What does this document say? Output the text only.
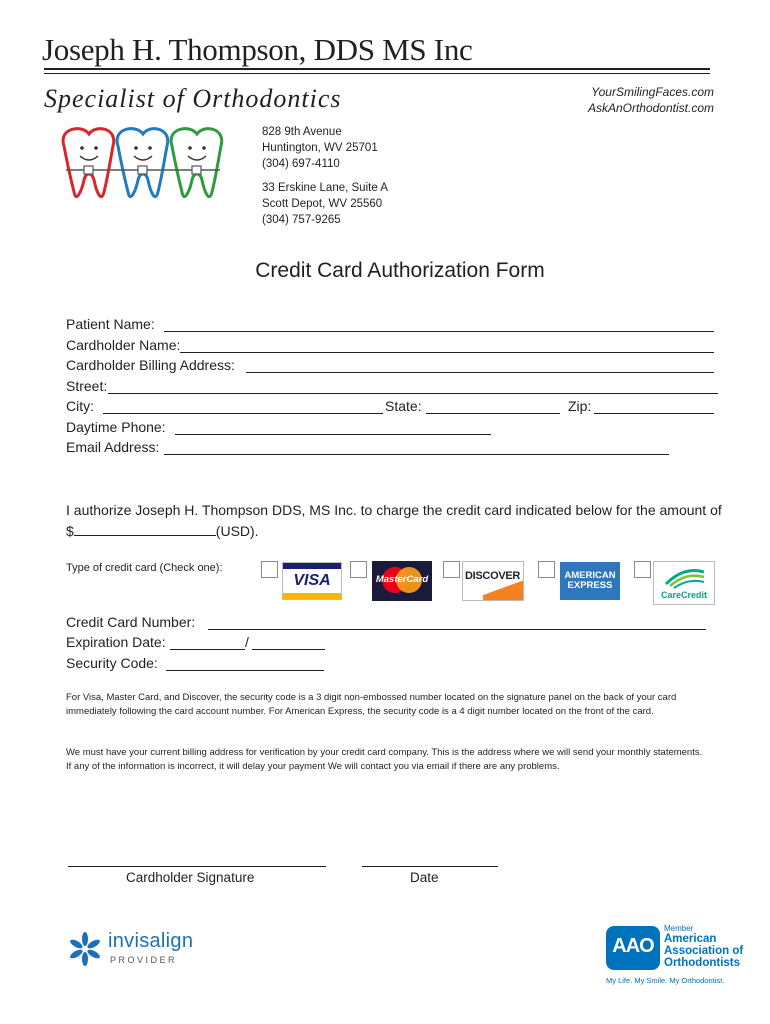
Joseph H. Thompson, DDS MS Inc
Specialist of Orthodontics	YourSmilingFaces.com
AskAnOrthodontist.com
828 9th Avenue
Huntington, WV 25701
(304) 697-4110
33 Erskine Lane, Suite A
Scott Depot, WV 25560
(304) 757-9265
Credit Card Authorization Form
Patient Name:
Cardholder Name:
Cardholder Billing Address:
Street:
City:	State:	Zip:
Daytime Phone:
Email Address:
I authorize Joseph H. Thompson DDS, MS Inc. to charge the credit card indicated below for the amount of $	(USD).
Type of credit card (Check one):
VISA	MasterCard	DISCOVER	AMERICAN EXPRESS
CareCredit
Credit Card Number:
Expiration Date:	/
Security Code:
For Visa, Master Card, and Discover, the security code is a 3 digit non-embossed number located on the signature panel on the back of your card immediately following the card account number. For American Express, the security code is a 4 digit number located on the front of the card.
We must have your current billing address for verification by your credit card company. This is the address where we will send your monthly statements. If any of the information is incorrect, it will delay your payment We will contact you via email if there are any problems.
Cardholder Signature	Date
invisalign
PROVIDER
AAO
Member
American
Association of
Orthodontists
My Life. My Smile. My Orthodontist.
